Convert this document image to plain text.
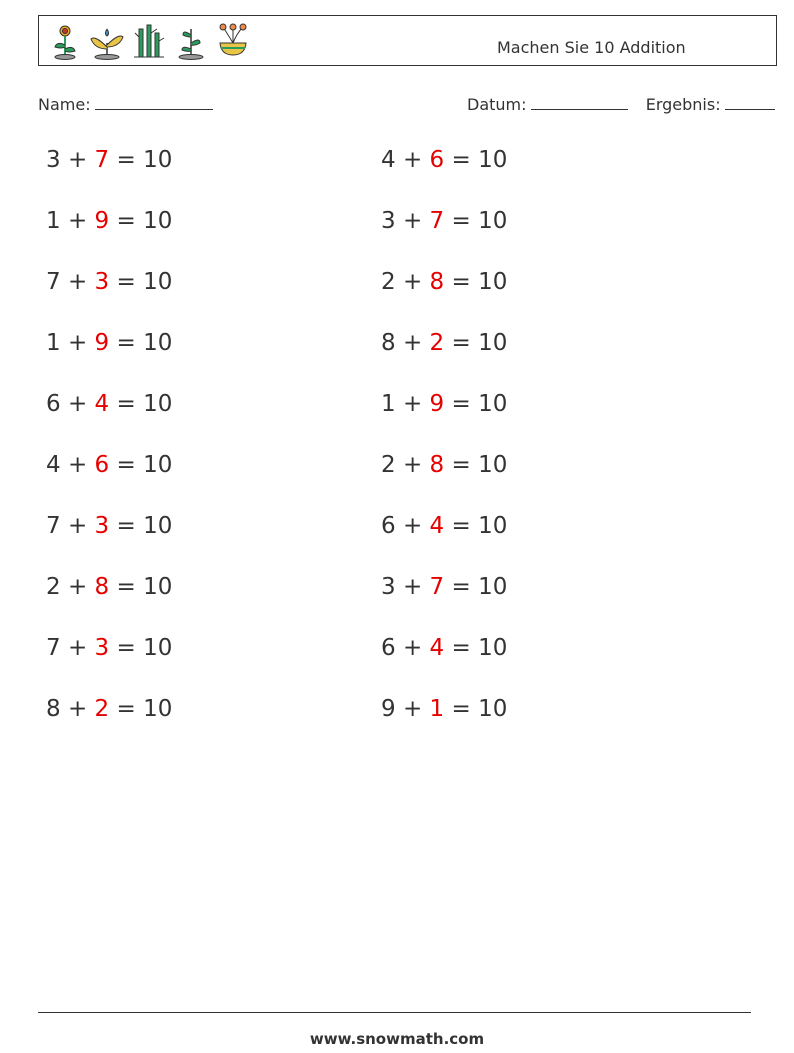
Machen Sie 10 Addition
Name:	Datum:	Ergebnis:
3 + 7 = 10
1 + 9 = 10
7 + 3 = 10
1 + 9 = 10
6 + 4 = 10
4 + 6 = 10
7 + 3 = 10
2 + 8 = 10
7 + 3 = 10
8 + 2 = 10
4 + 6 = 10
3 + 7 = 10
2 + 8 = 10
8 + 2 = 10
1 + 9 = 10
2 + 8 = 10
6 + 4 = 10
3 + 7 = 10
6 + 4 = 10
9 + 1 = 10
www.snowmath.com
